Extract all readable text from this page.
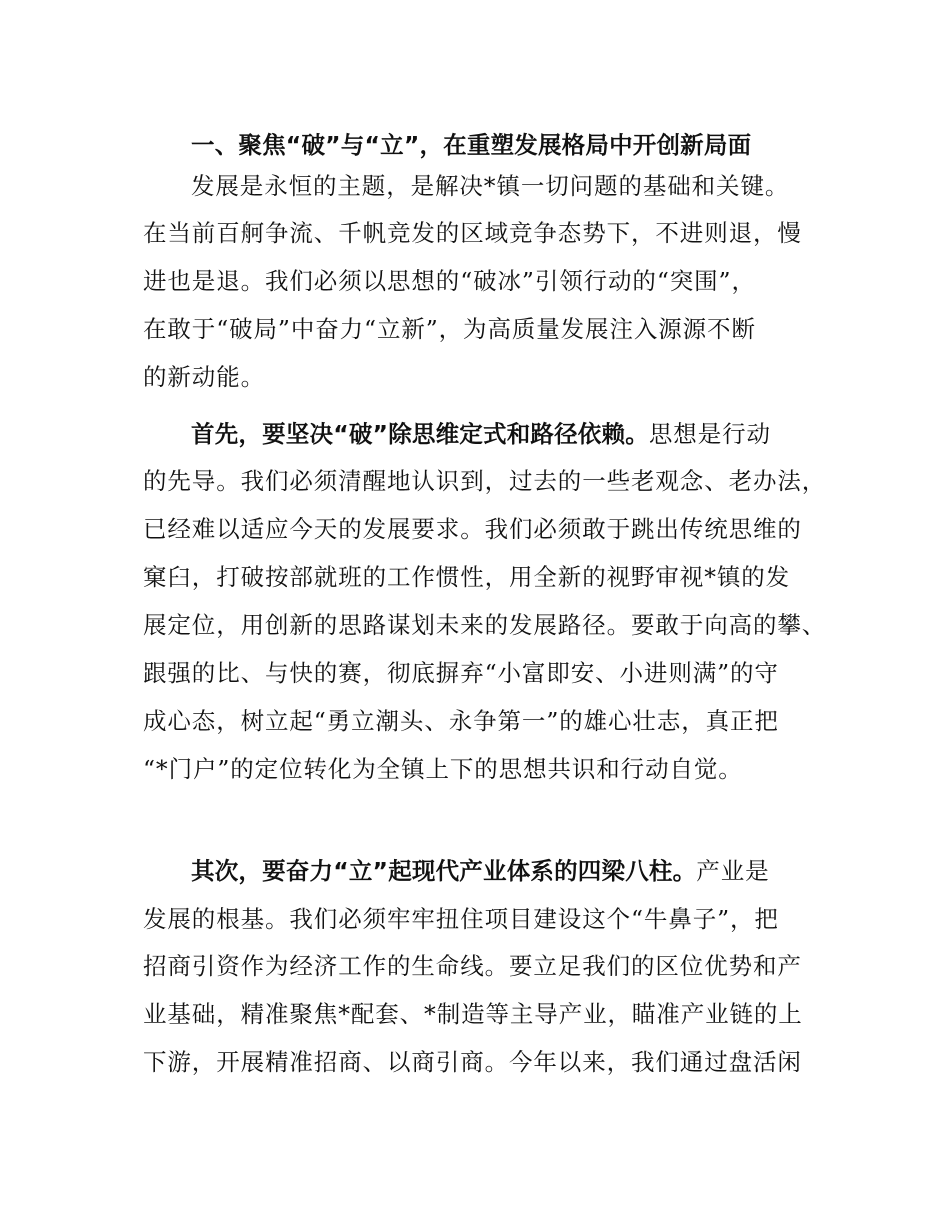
一、聚焦“破”与“立”，在重塑发展格局中开创新局面
发展是永恒的主题，是解决*镇一切问题的基础和关键。
在当前百舸争流、千帆竞发的区域竞争态势下，不进则退，慢
进也是退。我们必须以思想的“破冰”引领行动的“突围”，
在敢于“破局”中奋力“立新”，为高质量发展注入源源不断
的新动能。
首先，要坚决“破”除思维定式和路径依赖。思想是行动
的先导。我们必须清醒地认识到，过去的一些老观念、老办法，
已经难以适应今天的发展要求。我们必须敢于跳出传统思维的
窠臼，打破按部就班的工作惯性，用全新的视野审视*镇的发
展定位，用创新的思路谋划未来的发展路径。要敢于向高的攀、
跟强的比、与快的赛，彻底摒弃“小富即安、小进则满”的守
成心态，树立起“勇立潮头、永争第一”的雄心壮志，真正把
“*门户”的定位转化为全镇上下的思想共识和行动自觉。
其次，要奋力“立”起现代产业体系的四梁八柱。产业是
发展的根基。我们必须牢牢扭住项目建设这个“牛鼻子”，把
招商引资作为经济工作的生命线。要立足我们的区位优势和产
业基础，精准聚焦*配套、*制造等主导产业，瞄准产业链的上
下游，开展精准招商、以商引商。今年以来，我们通过盘活闲
